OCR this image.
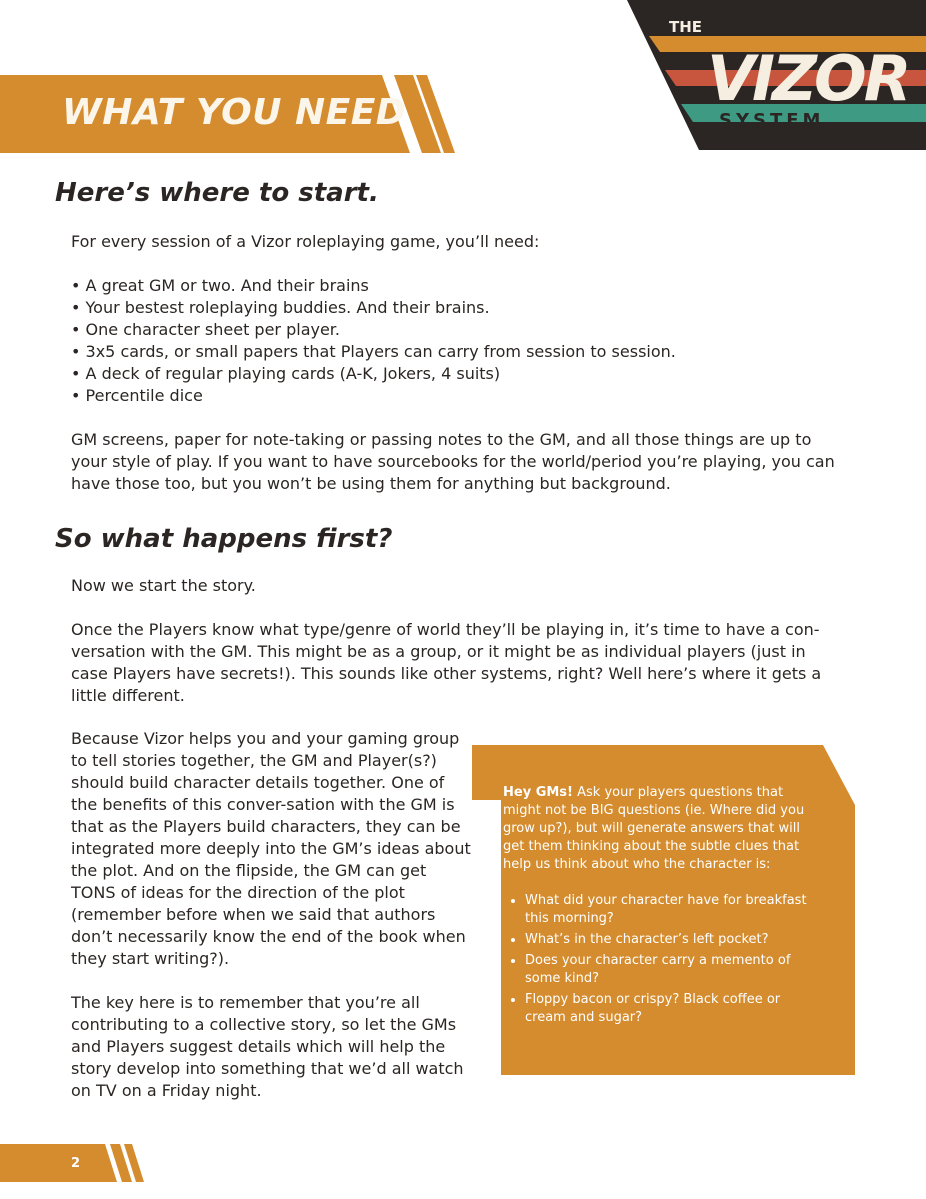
THE
VIZOR
SYSTEM
WHAT YOU NEED
Here’s where to start.

For every session of a Vizor roleplaying game, you’ll need:

• A great GM or two. And their brains
• Your bestest roleplaying buddies. And their brains.
• One character sheet per player.
• 3x5 cards, or small papers that Players can carry from session to session.
• A deck of regular playing cards (A-K, Jokers, 4 suits)
• Percentile dice

GM screens, paper for note-taking or passing notes to the GM, and all those things are up to your style of play. If you want to have sourcebooks for the world/period you’re playing, you can have those too, but you won’t be using them for anything but background.

So what happens first?

Now we start the story.

Once the Players know what type/genre of world they’ll be playing in, it’s time to have a con-versation with the GM. This might be as a group, or it might be as individual players (just in case Players have secrets!). This sounds like other systems, right? Well here’s where it gets a little different.

Because Vizor helps you and your gaming group to tell stories together, the GM and Player(s?) should build character details together. One of the benefits of this conver-sation with the GM is that as the Players build characters, they can be integrated more deeply into the GM’s ideas about the plot. And on the flipside, the GM can get TONS of ideas for the direction of the plot (remember before when we said that authors don’t necessarily know the end of the book when they start writing?).

The key here is to remember that you’re all contributing to a collective story, so let the GMs and Players suggest details which will help the story develop into something that we’d all watch on TV on a Friday night.

Hey GMs! Ask your players questions that might not be BIG questions (ie. Where did you grow up?), but will generate answers that will get them thinking about the subtle clues that help us think about who the character is:

• What did your character have for breakfast this morning?
• What’s in the character’s left pocket?
• Does your character carry a memento of some kind?
• Floppy bacon or crispy? Black coffee or cream and sugar?
2
